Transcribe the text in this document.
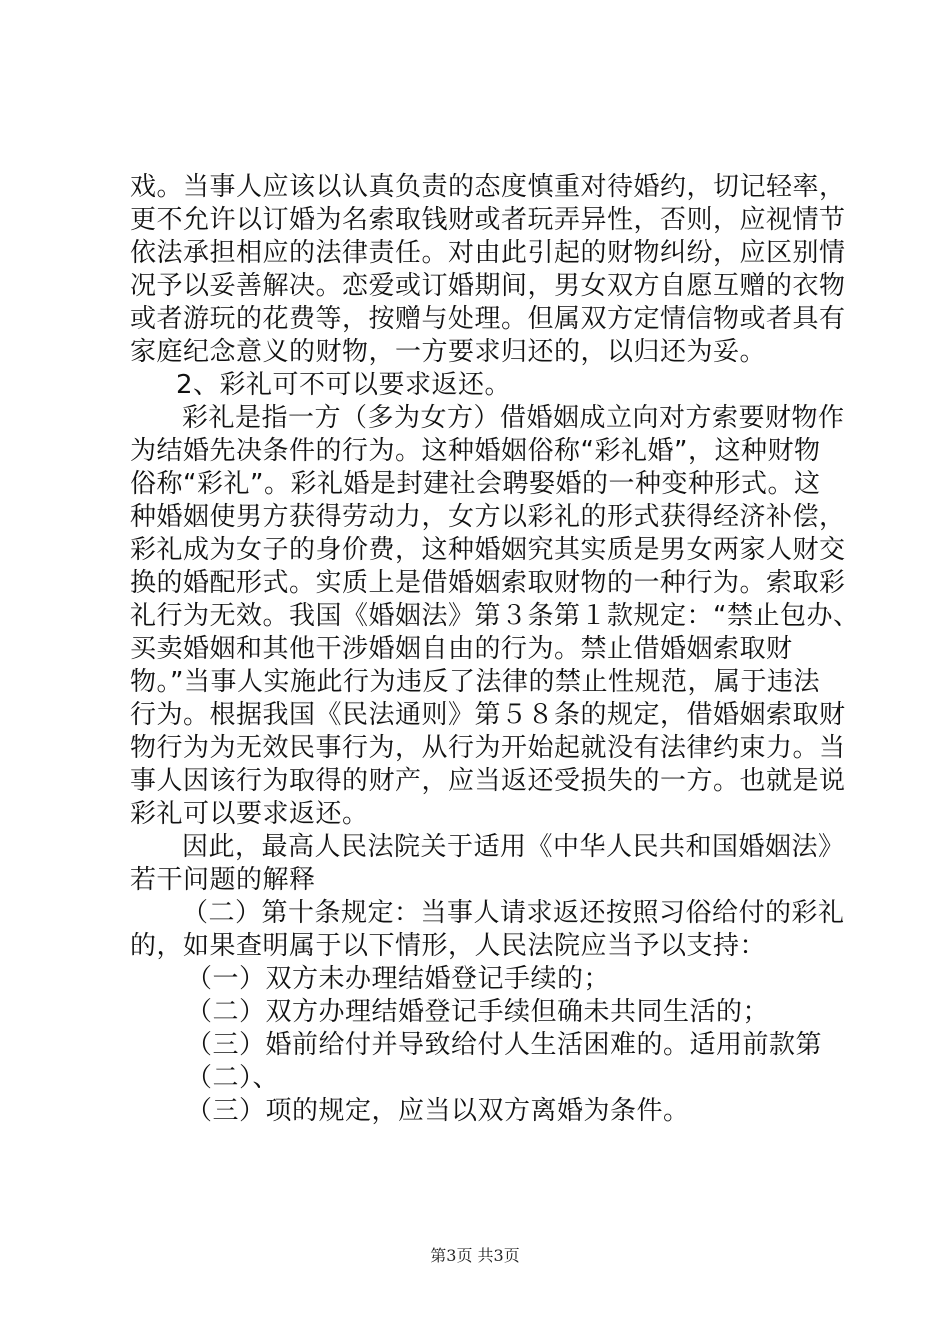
戏。当事人应该以认真负责的态度慎重对待婚约，切记轻率，
更不允许以订婚为名索取钱财或者玩弄异性，否则，应视情节
依法承担相应的法律责任。对由此引起的财物纠纷，应区别情
况予以妥善解决。恋爱或订婚期间，男女双方自愿互赠的衣物
或者游玩的花费等，按赠与处理。但属双方定情信物或者具有
家庭纪念意义的财物，一方要求归还的，以归还为妥。
2、彩礼可不可以要求返还。
彩礼是指一方（多为女方）借婚姻成立向对方索要财物作
为结婚先决条件的行为。这种婚姻俗称“彩礼婚”，这种财物
俗称“彩礼”。彩礼婚是封建社会聘娶婚的一种变种形式。这
种婚姻使男方获得劳动力，女方以彩礼的形式获得经济补偿，
彩礼成为女子的身价费，这种婚姻究其实质是男女两家人财交
换的婚配形式。实质上是借婚姻索取财物的一种行为。索取彩
礼行为无效。我国《婚姻法》第３条第１款规定：“禁止包办、
买卖婚姻和其他干涉婚姻自由的行为。禁止借婚姻索取财
物。”当事人实施此行为违反了法律的禁止性规范，属于违法
行为。根据我国《民法通则》第５８条的规定，借婚姻索取财
物行为为无效民事行为，从行为开始起就没有法律约束力。当
事人因该行为取得的财产，应当返还受损失的一方。也就是说
彩礼可以要求返还。
因此，最高人民法院关于适用《中华人民共和国婚姻法》
若干问题的解释
（二）第十条规定：当事人请求返还按照习俗给付的彩礼
的，如果查明属于以下情形，人民法院应当予以支持：
（一）双方未办理结婚登记手续的；
（二）双方办理结婚登记手续但确未共同生活的；
（三）婚前给付并导致给付人生活困难的。适用前款第
（二）、
（三）项的规定，应当以双方离婚为条件。
第3页 共3页
